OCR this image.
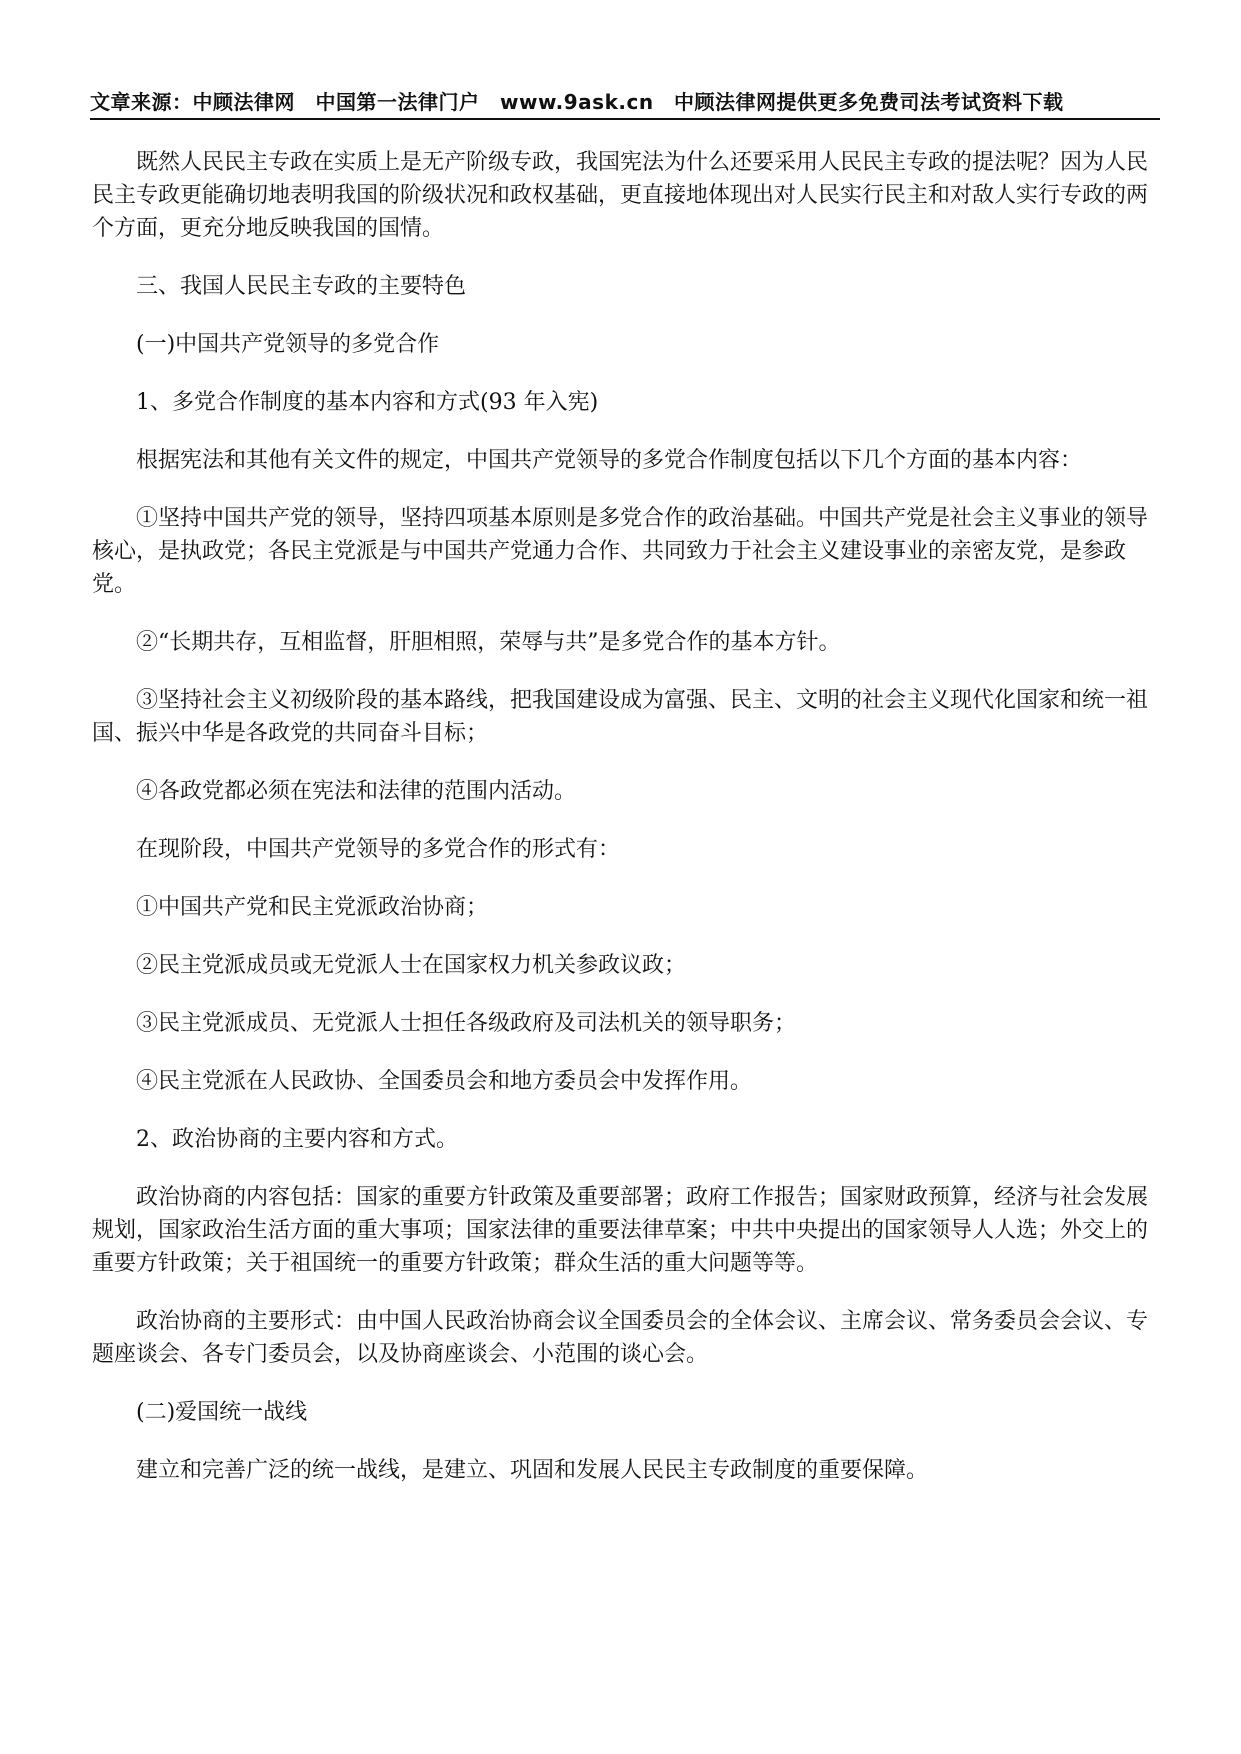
文章来源：中顾法律网　中国第一法律门户　www.9ask.cn　中顾法律网提供更多免费司法考试资料下载

既然人民民主专政在实质上是无产阶级专政，我国宪法为什么还要采用人民民主专政的提法呢？因为人民民主专政更能确切地表明我国的阶级状况和政权基础，更直接地体现出对人民实行民主和对敌人实行专政的两个方面，更充分地反映我国的国情。

三、我国人民民主专政的主要特色

(一)中国共产党领导的多党合作

1、多党合作制度的基本内容和方式(93 年入宪)

根据宪法和其他有关文件的规定，中国共产党领导的多党合作制度包括以下几个方面的基本内容：

①坚持中国共产党的领导，坚持四项基本原则是多党合作的政治基础。中国共产党是社会主义事业的领导核心，是执政党；各民主党派是与中国共产党通力合作、共同致力于社会主义建设事业的亲密友党，是参政党。

②“长期共存，互相监督，肝胆相照，荣辱与共”是多党合作的基本方针。

③坚持社会主义初级阶段的基本路线，把我国建设成为富强、民主、文明的社会主义现代化国家和统一祖国、振兴中华是各政党的共同奋斗目标；

④各政党都必须在宪法和法律的范围内活动。

在现阶段，中国共产党领导的多党合作的形式有：

①中国共产党和民主党派政治协商；

②民主党派成员或无党派人士在国家权力机关参政议政；

③民主党派成员、无党派人士担任各级政府及司法机关的领导职务；

④民主党派在人民政协、全国委员会和地方委员会中发挥作用。

2、政治协商的主要内容和方式。

政治协商的内容包括：国家的重要方针政策及重要部署；政府工作报告；国家财政预算，经济与社会发展规划，国家政治生活方面的重大事项；国家法律的重要法律草案；中共中央提出的国家领导人人选；外交上的重要方针政策；关于祖国统一的重要方针政策；群众生活的重大问题等等。

政治协商的主要形式：由中国人民政治协商会议全国委员会的全体会议、主席会议、常务委员会会议、专题座谈会、各专门委员会，以及协商座谈会、小范围的谈心会。

(二)爱国统一战线

建立和完善广泛的统一战线，是建立、巩固和发展人民民主专政制度的重要保障。
